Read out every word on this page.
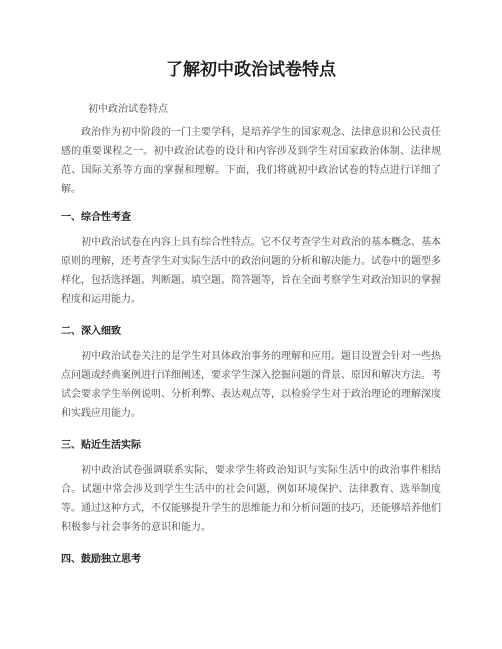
了解初中政治试卷特点
初中政治试卷特点

政治作为初中阶段的一门主要学科，是培养学生的国家观念、法律意识和公民责任感的重要课程之一。初中政治试卷的设计和内容涉及到学生对国家政治体制、法律规范、国际关系等方面的掌握和理解。下面，我们将就初中政治试卷的特点进行详细了解。

一、综合性考查

初中政治试卷在内容上具有综合性特点。它不仅考查学生对政治的基本概念、基本原则的理解，还考查学生对实际生活中的政治问题的分析和解决能力。试卷中的题型多样化，包括选择题、判断题、填空题、简答题等，旨在全面考察学生对政治知识的掌握程度和运用能力。

二、深入细致

初中政治试卷关注的是学生对具体政治事务的理解和应用。题目设置会针对一些热点问题或经典案例进行详细阐述，要求学生深入挖掘问题的背景、原因和解决方法。考试会要求学生举例说明、分析利弊、表达观点等，以检验学生对于政治理论的理解深度和实践应用能力。

三、贴近生活实际

初中政治试卷强调联系实际，要求学生将政治知识与实际生活中的政治事件相结合。试题中常会涉及到学生生活中的社会问题，例如环境保护、法律教育、选举制度等。通过这种方式，不仅能够提升学生的思维能力和分析问题的技巧，还能够培养他们积极参与社会事务的意识和能力。

四、鼓励独立思考
